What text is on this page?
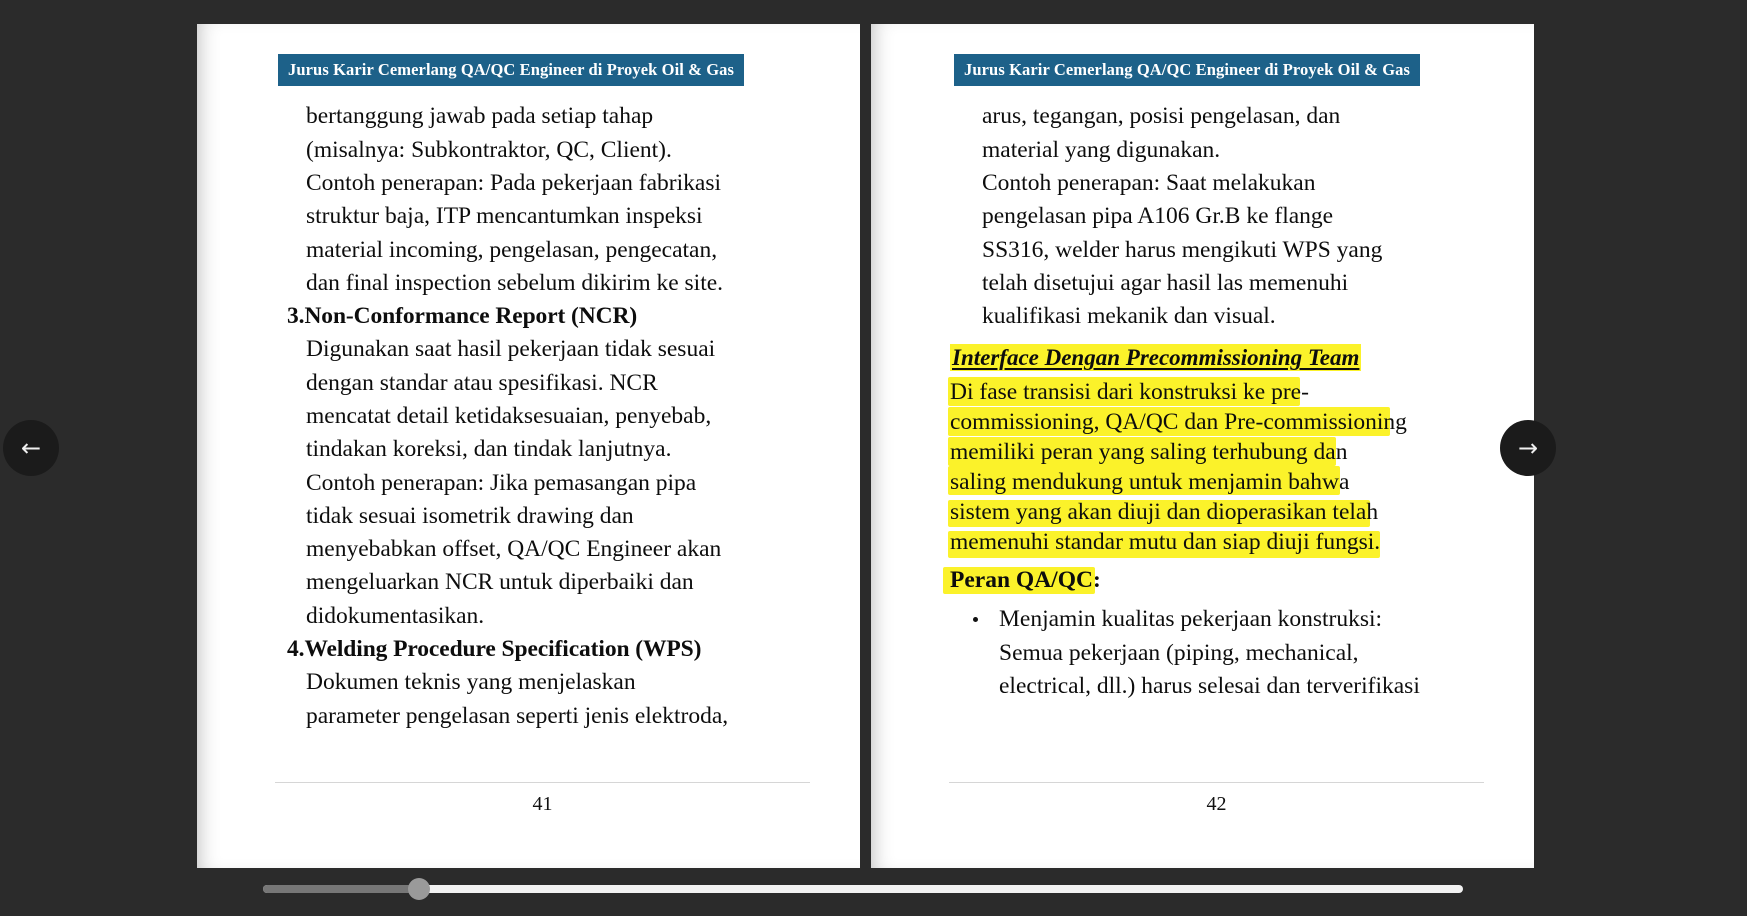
Jurus Karir Cemerlang QA/QC Engineer di Proyek Oil & Gas

bertanggung jawab pada setiap tahap
(misalnya: Subkontraktor, QC, Client).
Contoh penerapan: Pada pekerjaan fabrikasi
struktur baja, ITP mencantumkan inspeksi
material incoming, pengelasan, pengecatan,
dan final inspection sebelum dikirim ke site.

3.Non-Conformance Report (NCR)

Digunakan saat hasil pekerjaan tidak sesuai
dengan standar atau spesifikasi. NCR
mencatat detail ketidaksesuaian, penyebab,
tindakan koreksi, dan tindak lanjutnya.
Contoh penerapan: Jika pemasangan pipa
tidak sesuai isometrik drawing dan
menyebabkan offset, QA/QC Engineer akan
mengeluarkan NCR untuk diperbaiki dan
didokumentasikan.

4.Welding Procedure Specification (WPS)

Dokumen teknis yang menjelaskan
parameter pengelasan seperti jenis elektroda,

41
Jurus Karir Cemerlang QA/QC Engineer di Proyek Oil & Gas

arus, tegangan, posisi pengelasan, dan
material yang digunakan.
Contoh penerapan: Saat melakukan
pengelasan pipa A106 Gr.B ke flange
SS316, welder harus mengikuti WPS yang
telah disetujui agar hasil las memenuhi
kualifikasi mekanik dan visual.

Interface Dengan Precommissioning Team

Di fase transisi dari konstruksi ke pre-
commissioning, QA/QC dan Pre-commissioning
memiliki peran yang saling terhubung dan
saling mendukung untuk menjamin bahwa
sistem yang akan diuji dan dioperasikan telah
memenuhi standar mutu dan siap diuji fungsi.

Peran QA/QC:

Menjamin kualitas pekerjaan konstruksi:
Semua pekerjaan (piping, mechanical,
electrical, dll.) harus selesai dan terverifikasi
42
←	→
